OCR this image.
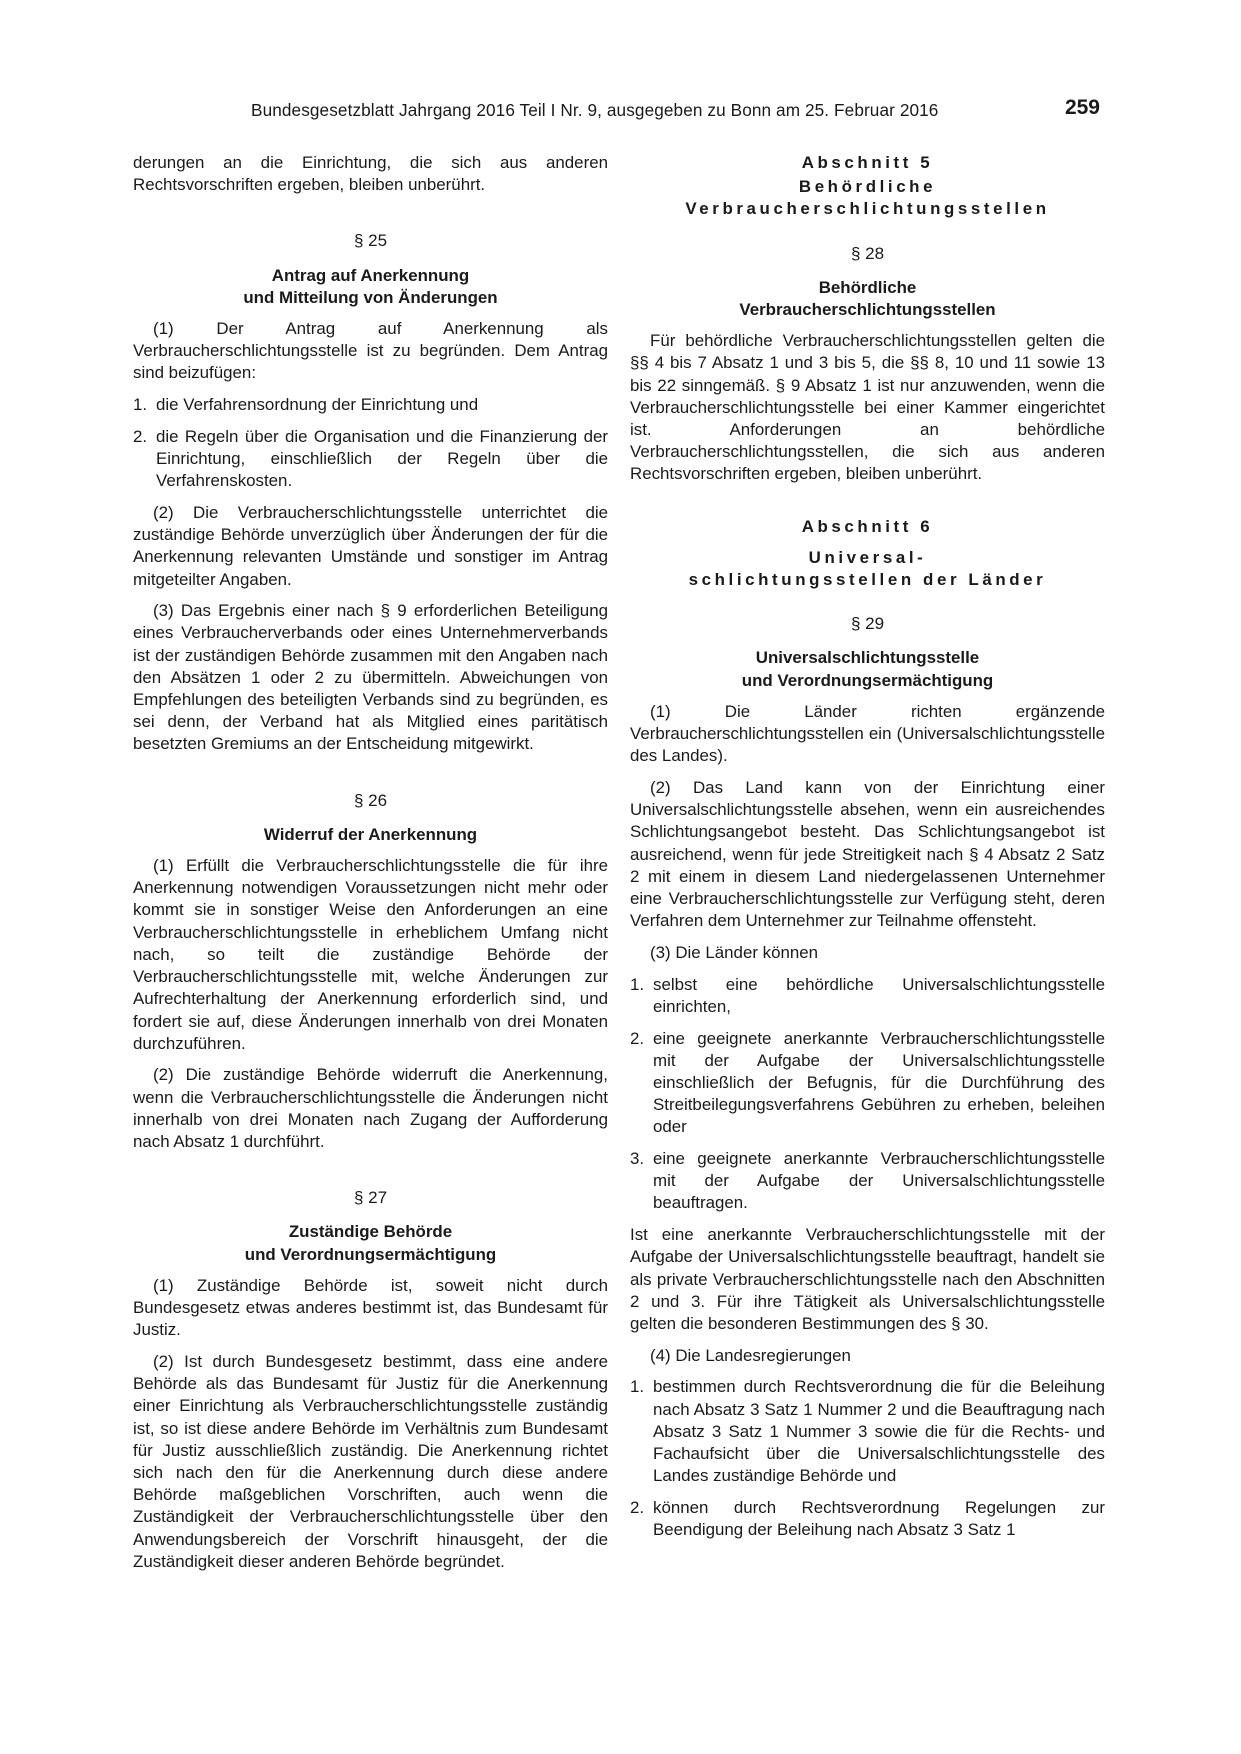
Bundesgesetzblatt Jahrgang 2016 Teil I Nr. 9, ausgegeben zu Bonn am 25. Februar 2016	259

derungen an die Einrichtung, die sich aus anderen Rechtsvorschriften ergeben, bleiben unberührt.

§ 25
Antrag auf Anerkennung
und Mitteilung von Änderungen

(1) Der Antrag auf Anerkennung als Verbraucherschlichtungsstelle ist zu begründen. Dem Antrag sind beizufügen:

1. die Verfahrensordnung der Einrichtung und
2. die Regeln über die Organisation und die Finanzierung der Einrichtung, einschließlich der Regeln über die Verfahrenskosten.

(2) Die Verbraucherschlichtungsstelle unterrichtet die zuständige Behörde unverzüglich über Änderungen der für die Anerkennung relevanten Umstände und sonstiger im Antrag mitgeteilter Angaben.

(3) Das Ergebnis einer nach § 9 erforderlichen Beteiligung eines Verbraucherverbands oder eines Unternehmerverbands ist der zuständigen Behörde zusammen mit den Angaben nach den Absätzen 1 oder 2 zu übermitteln. Abweichungen von Empfehlungen des beteiligten Verbands sind zu begründen, es sei denn, der Verband hat als Mitglied eines paritätisch besetzten Gremiums an der Entscheidung mitgewirkt.

§ 26
Widerruf der Anerkennung

(1) Erfüllt die Verbraucherschlichtungsstelle die für ihre Anerkennung notwendigen Voraussetzungen nicht mehr oder kommt sie in sonstiger Weise den Anforderungen an eine Verbraucherschlichtungsstelle in erheblichem Umfang nicht nach, so teilt die zuständige Behörde der Verbraucherschlichtungsstelle mit, welche Änderungen zur Aufrechterhaltung der Anerkennung erforderlich sind, und fordert sie auf, diese Änderungen innerhalb von drei Monaten durchzuführen.

(2) Die zuständige Behörde widerruft die Anerkennung, wenn die Verbraucherschlichtungsstelle die Änderungen nicht innerhalb von drei Monaten nach Zugang der Aufforderung nach Absatz 1 durchführt.

§ 27
Zuständige Behörde
und Verordnungsermächtigung

(1) Zuständige Behörde ist, soweit nicht durch Bundesgesetz etwas anderes bestimmt ist, das Bundesamt für Justiz.

(2) Ist durch Bundesgesetz bestimmt, dass eine andere Behörde als das Bundesamt für Justiz für die Anerkennung einer Einrichtung als Verbraucherschlichtungsstelle zuständig ist, so ist diese andere Behörde im Verhältnis zum Bundesamt für Justiz ausschließlich zuständig. Die Anerkennung richtet sich nach den für die Anerkennung durch diese andere Behörde maßgeblichen Vorschriften, auch wenn die Zuständigkeit der Verbraucherschlichtungsstelle über den Anwendungsbereich der Vorschrift hinausgeht, der die Zuständigkeit dieser anderen Behörde begründet.

Abschnitt 5
Behördliche
Verbraucherschlichtungsstellen
§ 28
Behördliche
Verbraucherschlichtungsstellen

Für behördliche Verbraucherschlichtungsstellen gelten die §§ 4 bis 7 Absatz 1 und 3 bis 5, die §§ 8, 10 und 11 sowie 13 bis 22 sinngemäß. § 9 Absatz 1 ist nur anzuwenden, wenn die Verbraucherschlichtungsstelle bei einer Kammer eingerichtet ist. Anforderungen an behördliche Verbraucherschlichtungsstellen, die sich aus anderen Rechtsvorschriften ergeben, bleiben unberührt.

Abschnitt 6
Universal-
schlichtungsstellen der Länder
§ 29
Universalschlichtungsstelle
und Verordnungsermächtigung

(1) Die Länder richten ergänzende Verbraucherschlichtungsstellen ein (Universalschlichtungsstelle des Landes).

(2) Das Land kann von der Einrichtung einer Universalschlichtungsstelle absehen, wenn ein ausreichendes Schlichtungsangebot besteht. Das Schlichtungsangebot ist ausreichend, wenn für jede Streitigkeit nach § 4 Absatz 2 Satz 2 mit einem in diesem Land niedergelassenen Unternehmer eine Verbraucherschlichtungsstelle zur Verfügung steht, deren Verfahren dem Unternehmer zur Teilnahme offensteht.

(3) Die Länder können

1. selbst eine behördliche Universalschlichtungsstelle einrichten,
2. eine geeignete anerkannte Verbraucherschlichtungsstelle mit der Aufgabe der Universalschlichtungsstelle einschließlich der Befugnis, für die Durchführung des Streitbeilegungsverfahrens Gebühren zu erheben, beleihen oder
3. eine geeignete anerkannte Verbraucherschlichtungsstelle mit der Aufgabe der Universalschlichtungsstelle beauftragen.

Ist eine anerkannte Verbraucherschlichtungsstelle mit der Aufgabe der Universalschlichtungsstelle beauftragt, handelt sie als private Verbraucherschlichtungsstelle nach den Abschnitten 2 und 3. Für ihre Tätigkeit als Universalschlichtungsstelle gelten die besonderen Bestimmungen des § 30.

(4) Die Landesregierungen

1. bestimmen durch Rechtsverordnung die für die Beleihung nach Absatz 3 Satz 1 Nummer 2 und die Beauftragung nach Absatz 3 Satz 1 Nummer 3 sowie die für die Rechts- und Fachaufsicht über die Universalschlichtungsstelle des Landes zuständige Behörde und
2. können durch Rechtsverordnung Regelungen zur Beendigung der Beleihung nach Absatz 3 Satz 1
